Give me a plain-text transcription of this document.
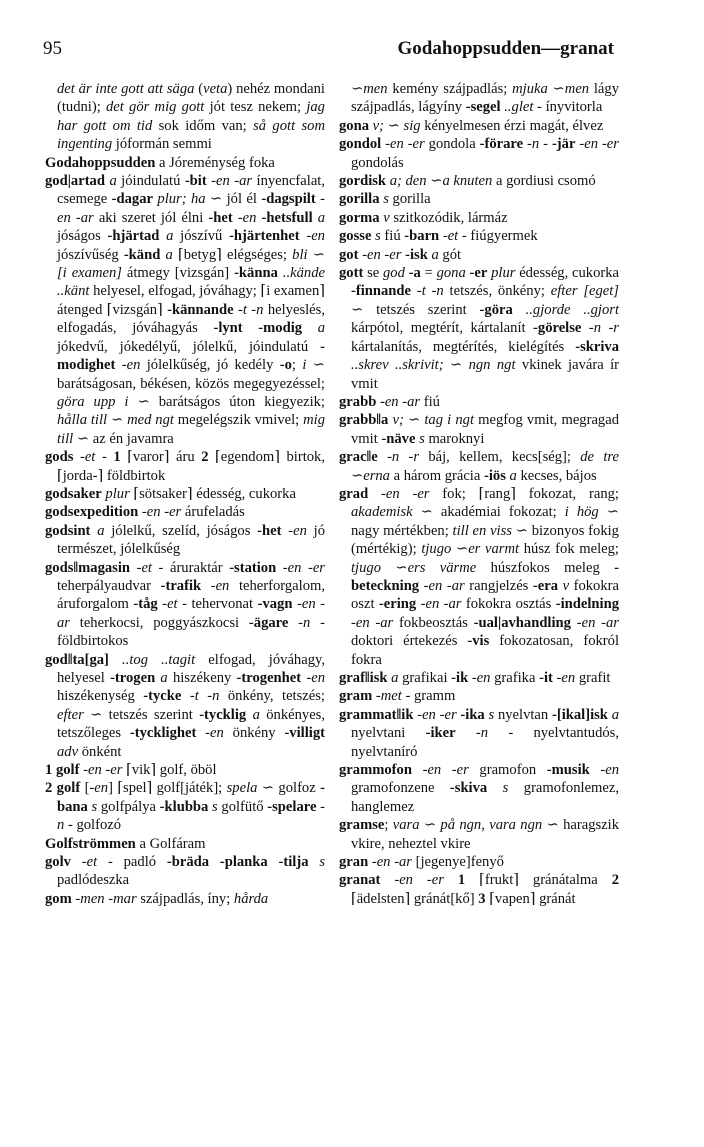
95	Godahoppsudden—granat

det är inte gott att säga (veta) nehéz mondani (tudni); det gör mig gott jót tesz nekem; jag har gott om tid sok időm van; så gott som ingenting jóformán semmi

Godahoppsudden a Jóreménység foka

god|artad a jóindulatú -bit -en -ar ínyencfalat, csemege -dagar plur; ha ∽ jól él -dagspilt -en -ar aki szeret jól élni -het -en -hetsfull a jóságos -hjärtad a jószívű -hjärtenhet -en jószívűség -känd a ⌈betyg⌉ elégséges; bli ∽ [i examen] átmegy [vizsgán] -känna ..kände ..känt helyesel, elfogad, jóváhagy; ⌈i examen⌉ átenged ⌈vizsgán⌉ -kännande -t -n helyeslés, elfogadás, jóváhagyás -lynt -modig a jókedvű, jókedélyű, jólelkű, jóindulatú -modighet -en jólelkűség, jó kedély -o; i ∽ barátságosan, békésen, közös megegyezéssel; göra upp i ∽ barátságos úton kiegyezik; hålla till ∽ med ngt megelégszik vmivel; mig till ∽ az én javamra

gods -et - 1 ⌈varor⌉ áru 2 ⌈egendom⌉ birtok, ⌈jorda-⌉ földbirtok

godsaker plur ⌈sötsaker⌉ édesség, cukorka

godsexpedition -en -er árufeladás

godsint a jólelkű, szelíd, jóságos -het -en jó természet, jólelkűség

gods‖magasin -et - áruraktár -station -en -er teherpályaudvar -trafik -en teherforgalom, áruforgalom -tåg -et - tehervonat -vagn -en -ar teherkocsi, poggyászkocsi -ägare -n - földbirtokos

god‖ta[ga] ..tog ..tagit elfogad, jóváhagy, helyesel -trogen a hiszékeny -trogenhet -en hiszékenység -tycke -t -n önkény, tetszés; efter ∽ tetszés szerint -tycklig a önkényes, tetszőleges -tycklighet -en önkény -villigt adv önként

1 golf -en -er ⌈vik⌉ golf, öböl

2 golf [-en] ⌈spel⌉ golf[játék]; spela ∽ golfoz -bana s golfpálya -klubba s golfütő -spelare -n - golfozó

Golfströmmen a Golfáram

golv -et - padló -bräda -planka -tilja s padlódeszka

gom -men -mar szájpadlás, íny; hårda

∽men kemény szájpadlás; mjuka ∽men lágy szájpadlás, lágyíny -segel ..glet - ínyvitorla

gona v; ∽ sig kényelmesen érzi magát, élvez

gondol -en -er gondola -förare -n - -jär -en -er gondolás

gordisk a; den ∽a knuten a gordiusi csomó

gorilla s gorilla

gorma v szitkozódik, lármáz

gosse s fiú -barn -et - fiúgyermek

got -en -er -isk a gót

gott se god -a = gona -er plur édesség, cukorka -finnande -t -n tetszés, önkény; efter [eget] ∽ tetszés szerint -göra ..gjorde ..gjort kárpótol, megtérít, kártalanít -görelse -n -r kártalanítás, megtérítés, kielégítés -skriva ..skrev ..skrivit; ∽ ngn ngt vkinek javára ír vmit

grabb -en -ar fiú

grabb‖a v; ∽ tag i ngt megfog vmit, megragad vmit -näve s maroknyi

grac‖e -n -r báj, kellem, kecs[ség]; de tre ∽erna a három grácia -iös a kecses, bájos

grad -en -er fok; ⌈rang⌉ fokozat, rang; akademisk ∽ akadémiai fokozat; i hög ∽ nagy mértékben; till en viss ∽ bizonyos fokig (mértékig); tjugo ∽er varmt húsz fok meleg; tjugo ∽ers värme húszfokos meleg -beteckning -en -ar rangjelzés -era v fokokra oszt -ering -en -ar fokokra osztás -indelning -en -ar fokbeosztás -ual|avhandling -en -ar doktori értekezés -vis fokozatosan, fokról fokra

graf‖isk a grafikai -ik -en grafika -it -en grafit

gram -met - gramm

grammat‖ik -en -er -ika s nyelvtan -[ikal]isk a nyelvtani -iker -n - nyelvtantudós, nyelvtaníró

grammofon -en -er gramofon -musik -en gramofonzene -skiva s gramofonlemez, hanglemez

gramse; vara ∽ på ngn, vara ngn ∽ haragszik vkire, neheztel vkire

gran -en -ar [jegenye]fenyő

granat -en -er 1 ⌈frukt⌉ gránátalma 2 ⌈ädelsten⌉ gránát[kő] 3 ⌈vapen⌉ gránát
